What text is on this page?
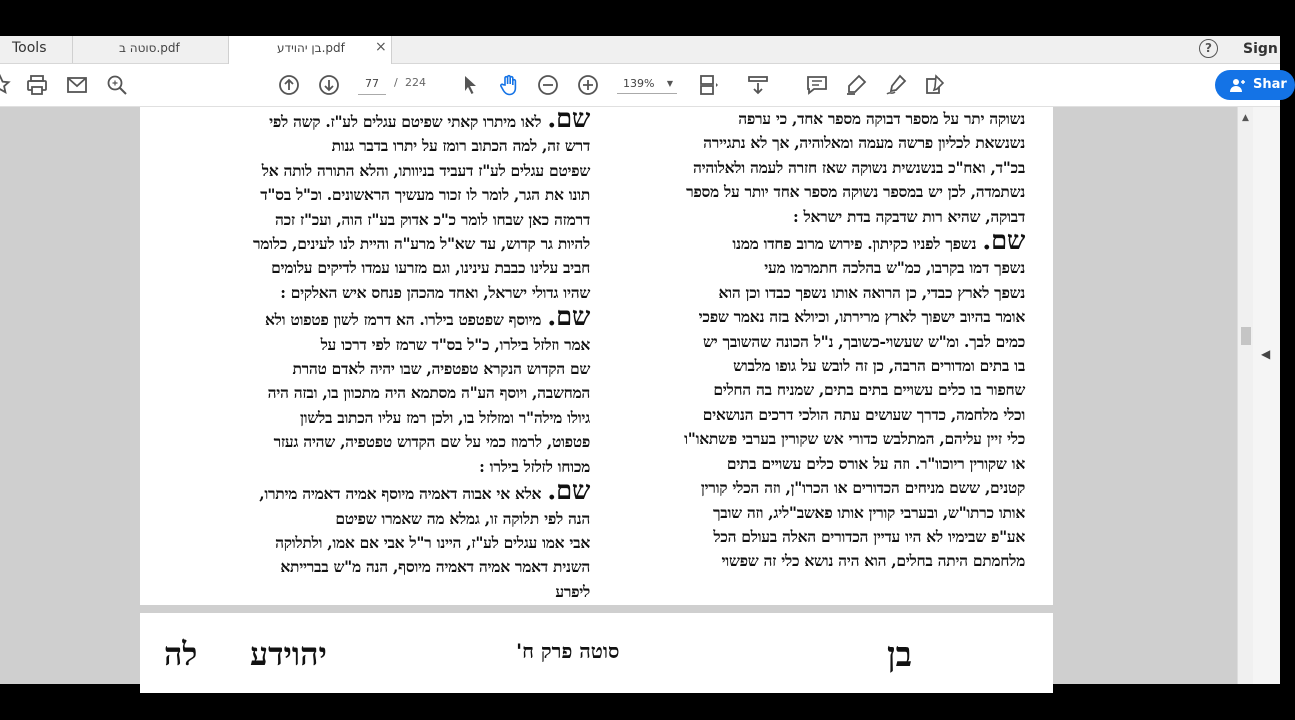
Tools	סוטה ב.pdf	בן יהוידע.pdf ×	?	Sign
77	/ 224	139% ▼	Shar
שם.לאו מיתרו קאתי שפיטם עגלים לע"ז. קשה לפי
דרש זה, למה הכתוב רומז על יתרו בדבר גנות
שפיטם עגלים לע"ז דעביד בניוותו, והלא התורה לותה אל
תונו את הגר, לומר לו זכור מעשיך הראשונים. וכ"ל בס"ד
דרמזה כאן שבחו לומר כ"כ אדוק בע"ז הוה, ועכ"ז זכה
להיות גר קדוש, עד שא"ל מרע"ה והיית לנו לעינים, כלומר
חביב עלינו כבבת עינינו, וגם מזרעו עמדו לדיקים עלומים
שהיו גדולי ישראל, ואחד מהכהן פנחס איש האלקים :
שם.מיוסף שפטפט בילרו. הא דרמז לשון פטפוט ולא
אמר וזלזל בילרו, כ"ל בס"ד שרמז לפי דרכו על
שם הקדוש הנקרא טפטפיה, שבו יהיה לאדם טהרת
המחשבה, ויוסף הע"ה מסתמא היה מתכוון בו, ובזה היה
גיולו מילה"ר ומזלזל בו, ולכן רמז עליו הכתוב בלשון
פטפוט, לרמוז כמי על שם הקדוש טפטפיה, שהיה געזר
מכוחו לזלזל בילרו :
שם.אלא אי אבוה דאמיה מיוסף אמיה דאמיה מיתרו,
הנה לפי תלוקה זו, גמלא מה שאמרו שפיטם
אבי אמו עגלים לע"ז, היינו ר"ל אבי אם אמו, ולתלוקה
השנית דאמר אמיה דאמיה מיוסף, הנה מ"ש בברייתא
ליפרע
נשוקה יתר על מספר דבוקה מספר אחד, כי ערפה
נשנשאת לכליון פרשה מעמה ומאלוהיה, אך לא נתגיירה
בכ"ד, ואח"כ בנשנשית נשוקה שאז חזרה לעמה ולאלוהיה
נשתמדה, לכן יש במספר נשוקה מספר אחד יותר על מספר
דבוקה, שהיא רות שדבקה בדת ישראל :
שם.נשפך לפניו כקיתון. פירוש מרוב פחדו ממנו
נשפך דמו בקרבו, כמ"ש בהלכה חתמרמו מעי
נשפך לארץ כבדי, כן הרואה אותו נשפך כבדו וכן הוא
אומר בהיוב ישפוך לארץ מרירתו, וכיולא בזה נאמר שפכי
כמים לבך. ומ"ש שעשוי-כשובך, נ"ל הכונה שהשובך יש
בו בתים ומדורים הרבה, כן זה לובש על גופו מלבוש
שחפור בו כלים עשויים בתים בתים, שמניח בה החלים
וכלי מלחמה, כדרך שעושים עתה הולכי דרכים הנושאים
כלי זיין עליהם, המתלבש כדורי אש שקורין בערבי פשתאו"ו
או שקורין ריוכוו"ר. וזה על אורס כלים עשויים בתים
קטנים, ששם מניחים הכדורים או הכרו"ן, וזה הכלי קורין
אותו כרתו"ש, ובערבי קורין אותו פאשב"ליג, וזה שובך
אע"פ שבימיו לא היו עדיין הכדורים האלה בעולם הכל
מלחמתם היתה בחלים, הוא היה נושא כלי זה שפשוי
בן
סוטה פרק ח'
יהוידע
לה
▲
◀
